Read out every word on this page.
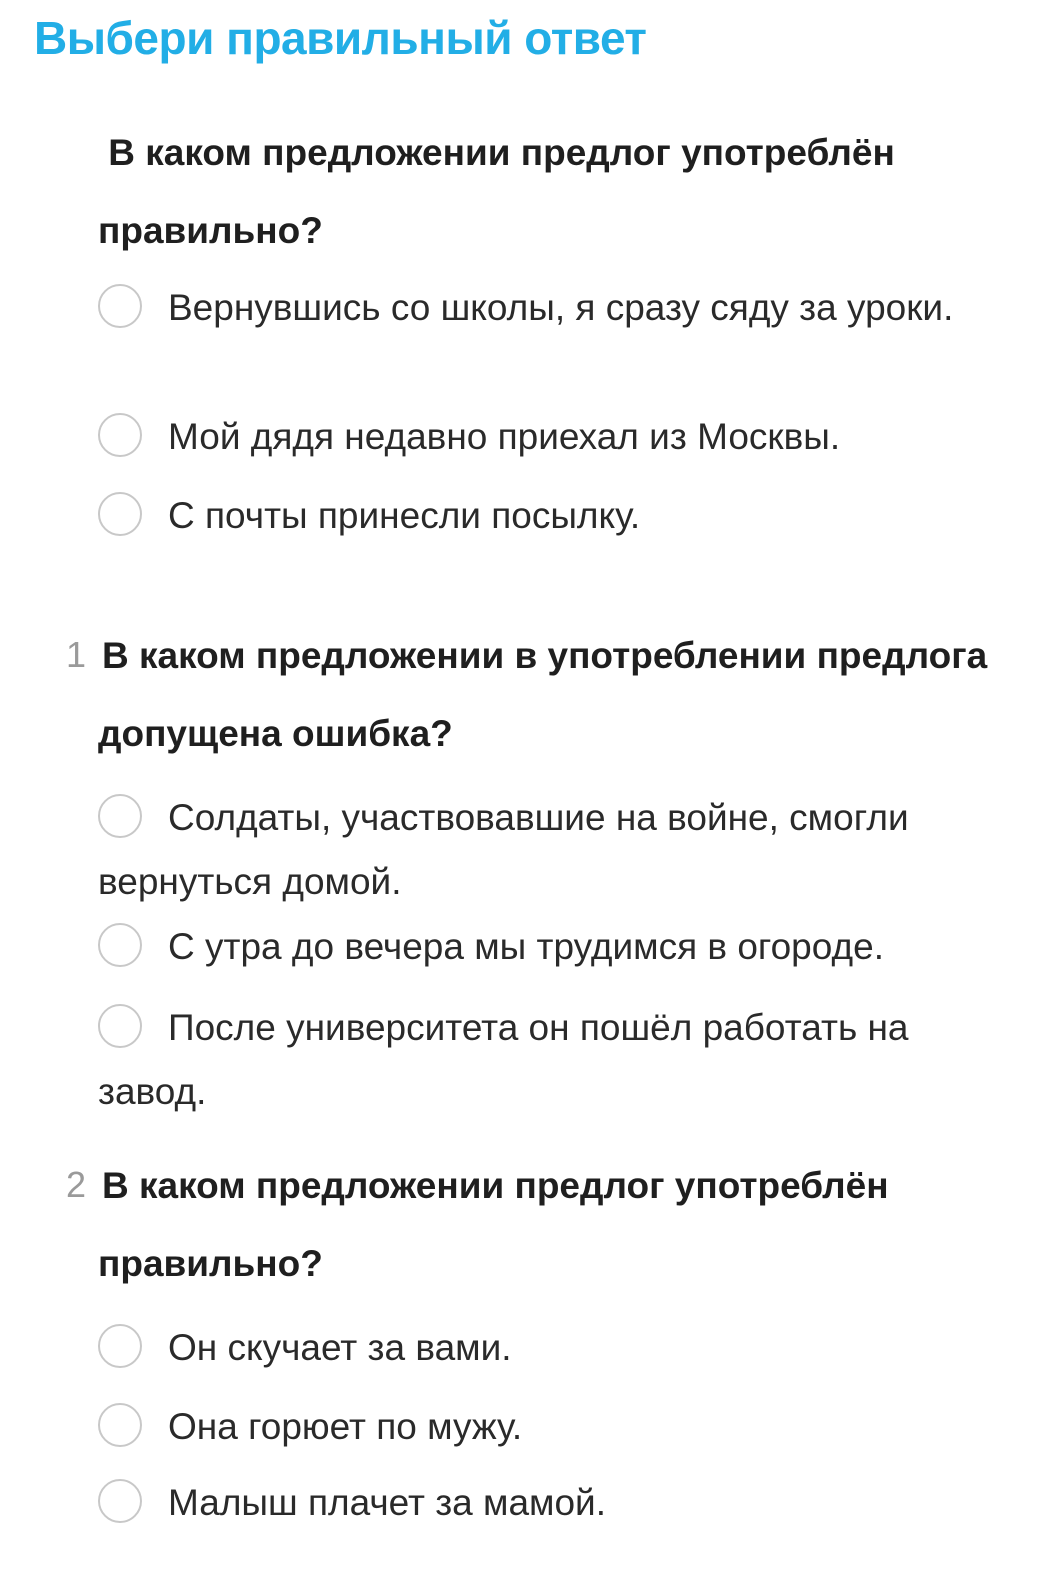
Выбери правильный ответ
В каком предложении предлог употреблён правильно?
Вернувшись со школы, я сразу сяду за уроки.
Мой дядя недавно приехал из Москвы.
С почты принесли посылку.
1 В каком предложении в употреблении предлога допущена ошибка?
Солдаты, участвовавшие на войне, смогли вернуться домой.
С утра до вечера мы трудимся в огороде.
После университета он пошёл работать на завод.
2 В каком предложении предлог употреблён правильно?
Он скучает за вами.
Она горюет по мужу.
Малыш плачет за мамой.
